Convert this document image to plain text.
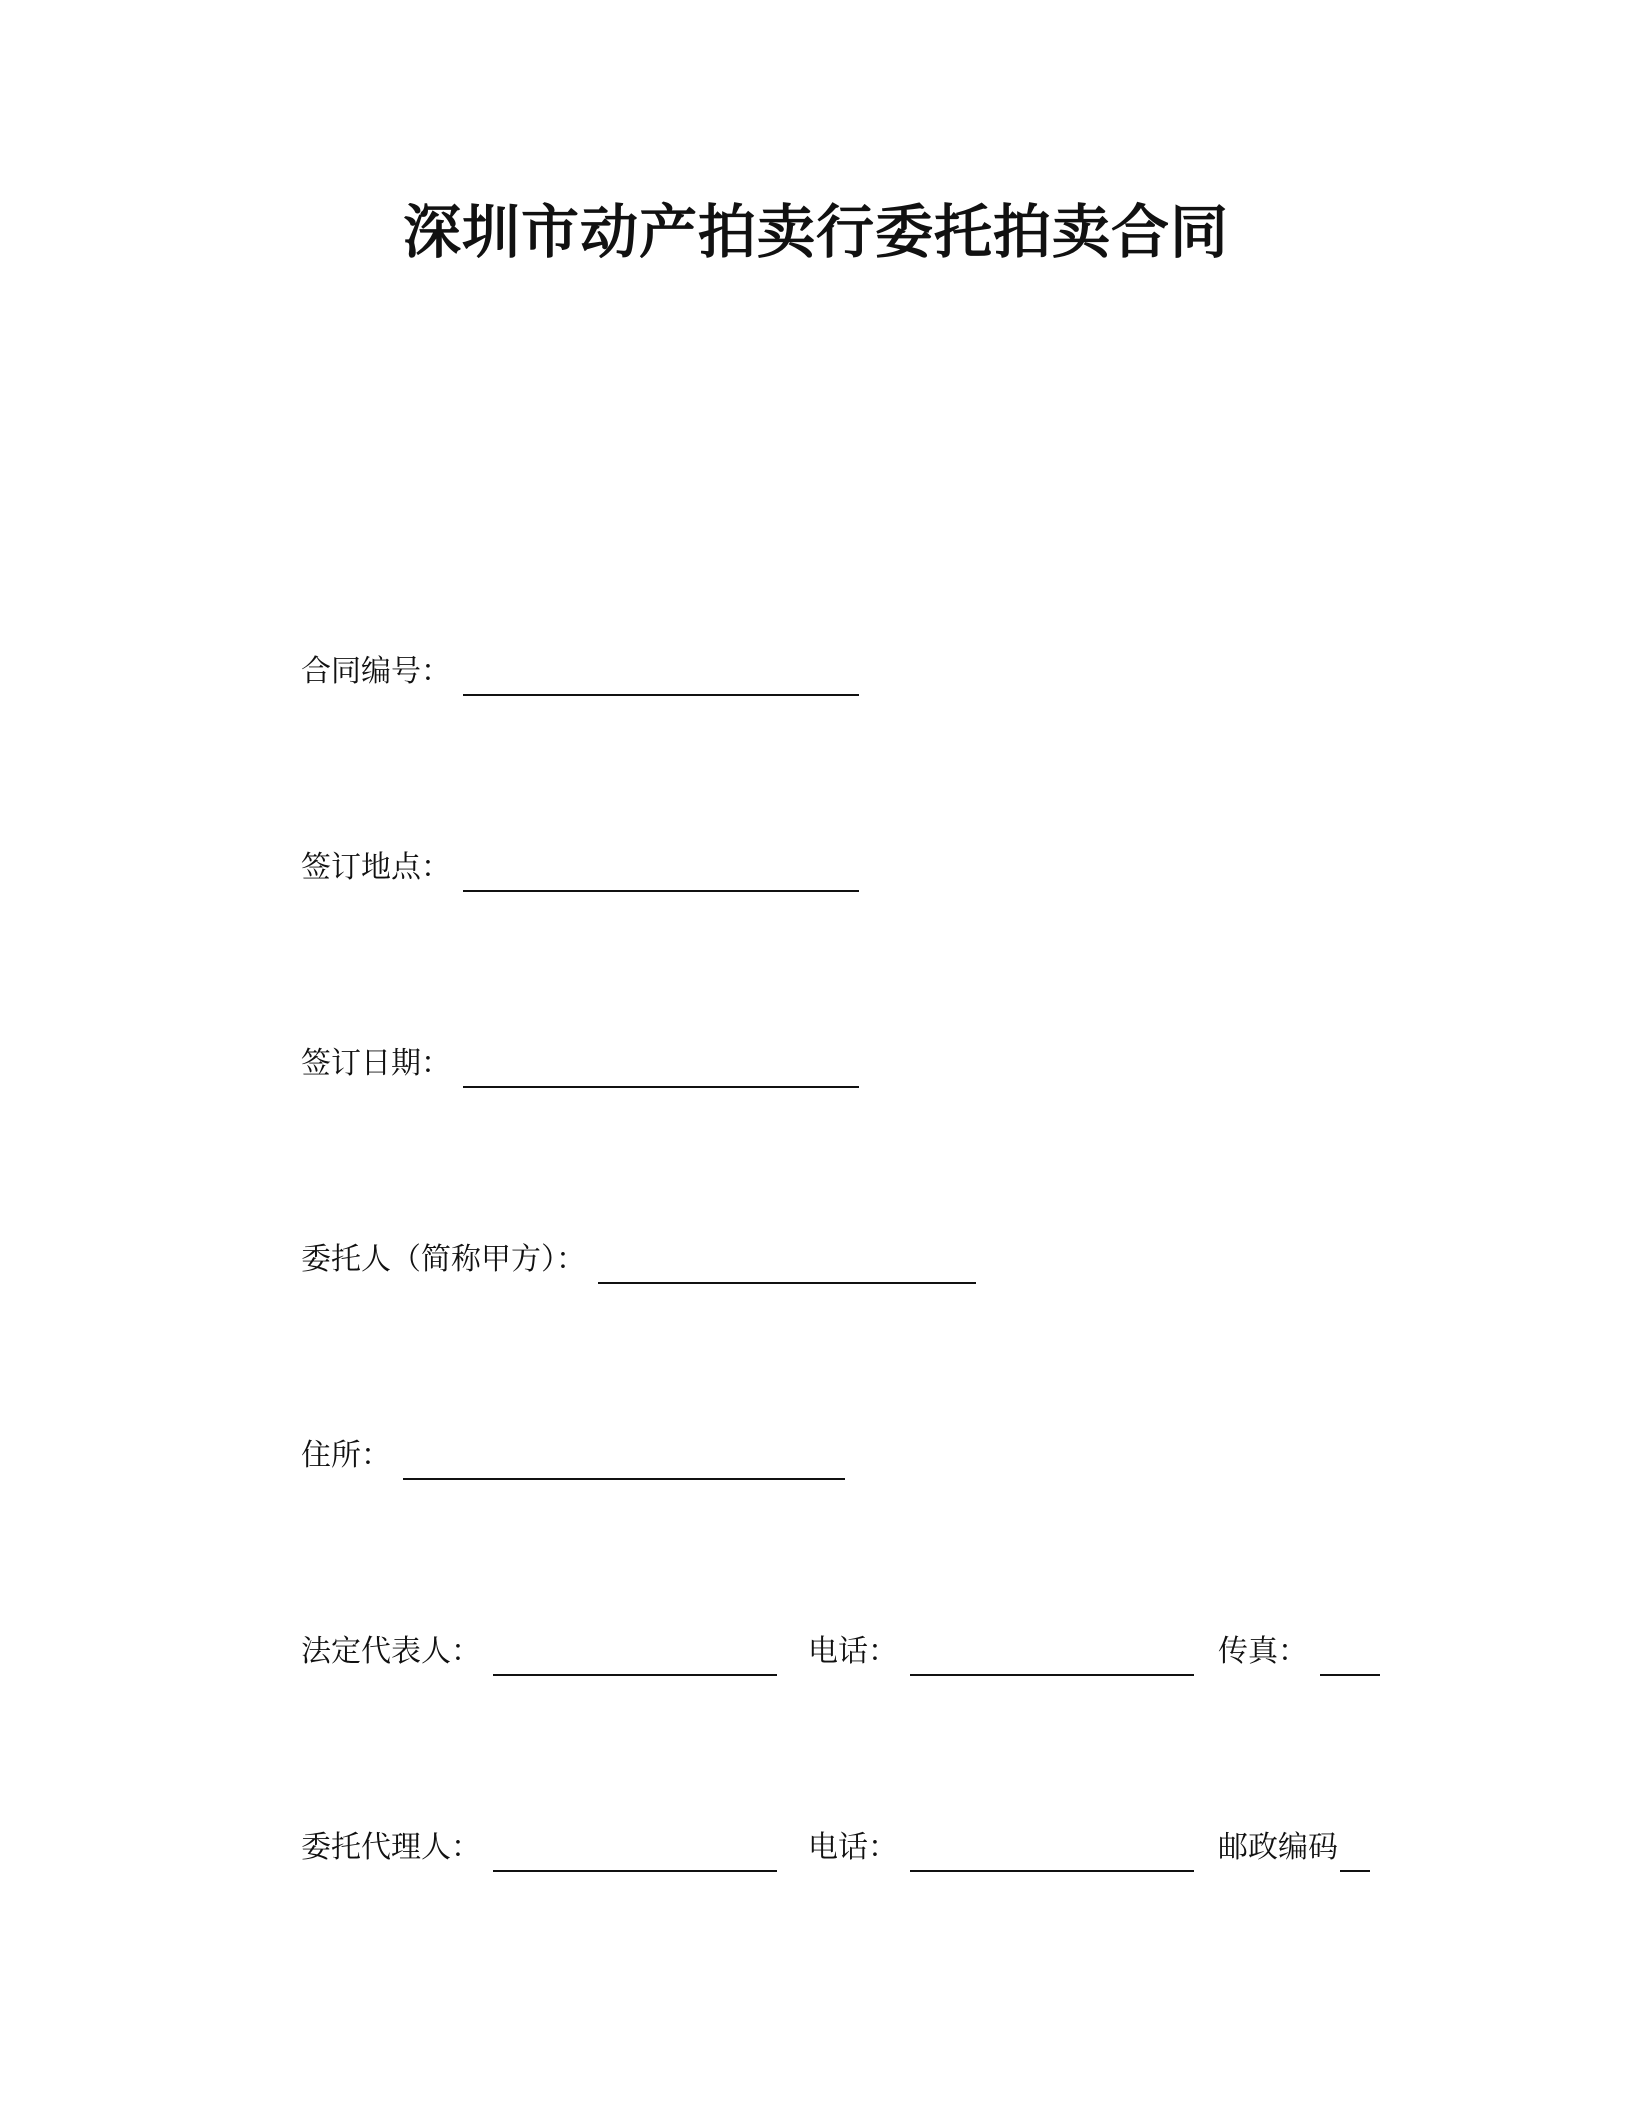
深圳市动产拍卖行委托拍卖合同
合同编号：
签订地点：
签订日期：
委托人（简称甲方）：
住所：
法定代表人：	电话：	传真：
委托代理人：	电话：	邮政编码
